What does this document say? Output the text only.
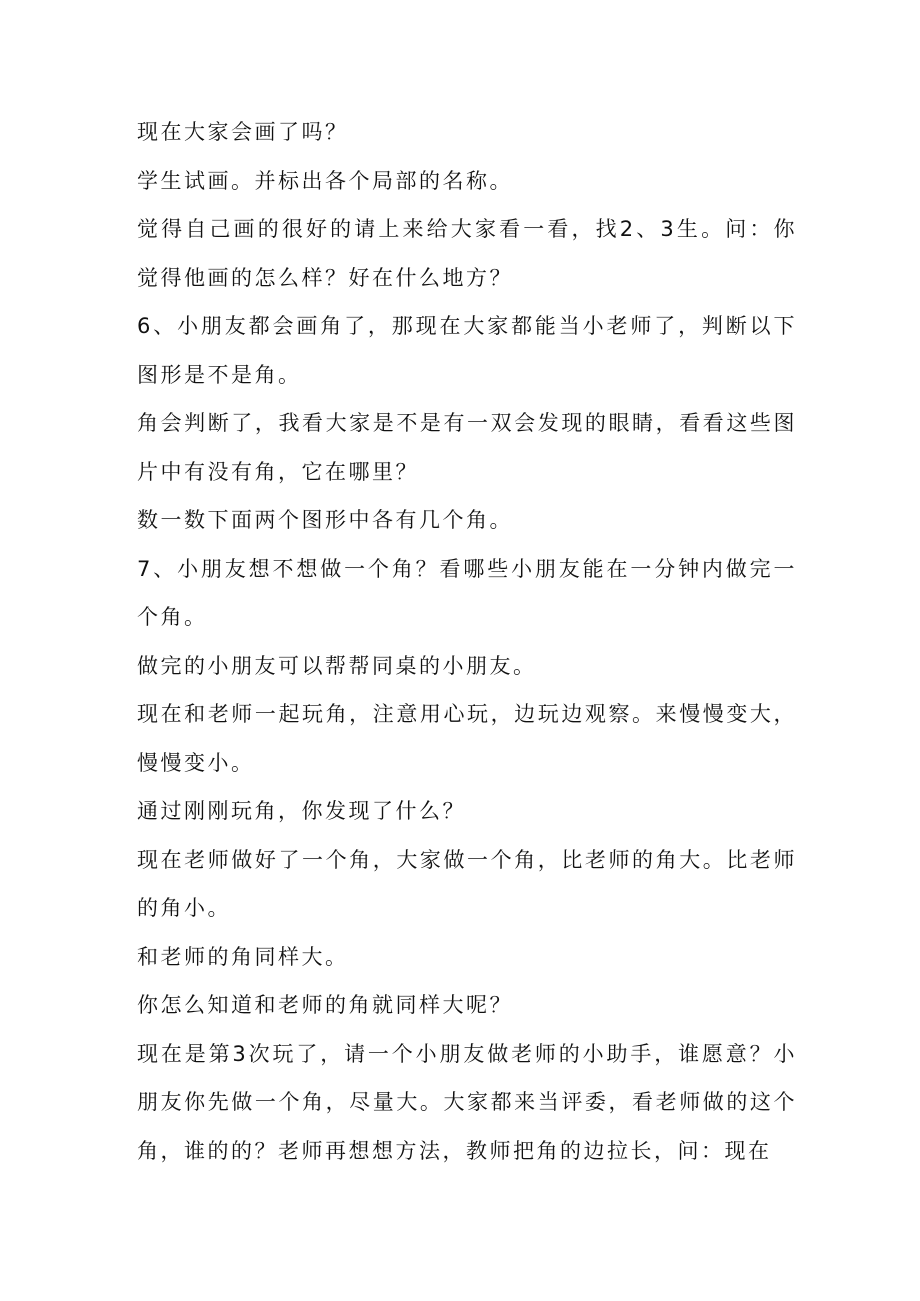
现在大家会画了吗？

学生试画。并标出各个局部的名称。

觉得自己画的很好的请上来给大家看一看，找2、3生。问：你觉得他画的怎么样？好在什么地方？

6、小朋友都会画角了，那现在大家都能当小老师了，判断以下图形是不是角。

角会判断了，我看大家是不是有一双会发现的眼睛，看看这些图片中有没有角，它在哪里？

数一数下面两个图形中各有几个角。

7、小朋友想不想做一个角？看哪些小朋友能在一分钟内做完一个角。

做完的小朋友可以帮帮同桌的小朋友。

现在和老师一起玩角，注意用心玩，边玩边观察。来慢慢变大，慢慢变小。

通过刚刚玩角，你发现了什么？

现在老师做好了一个角，大家做一个角，比老师的角大。比老师的角小。

和老师的角同样大。

你怎么知道和老师的角就同样大呢？

现在是第3次玩了，请一个小朋友做老师的小助手，谁愿意？小朋友你先做一个角，尽量大。大家都来当评委，看老师做的这个角，谁的的？老师再想想方法，教师把角的边拉长，问：现在
